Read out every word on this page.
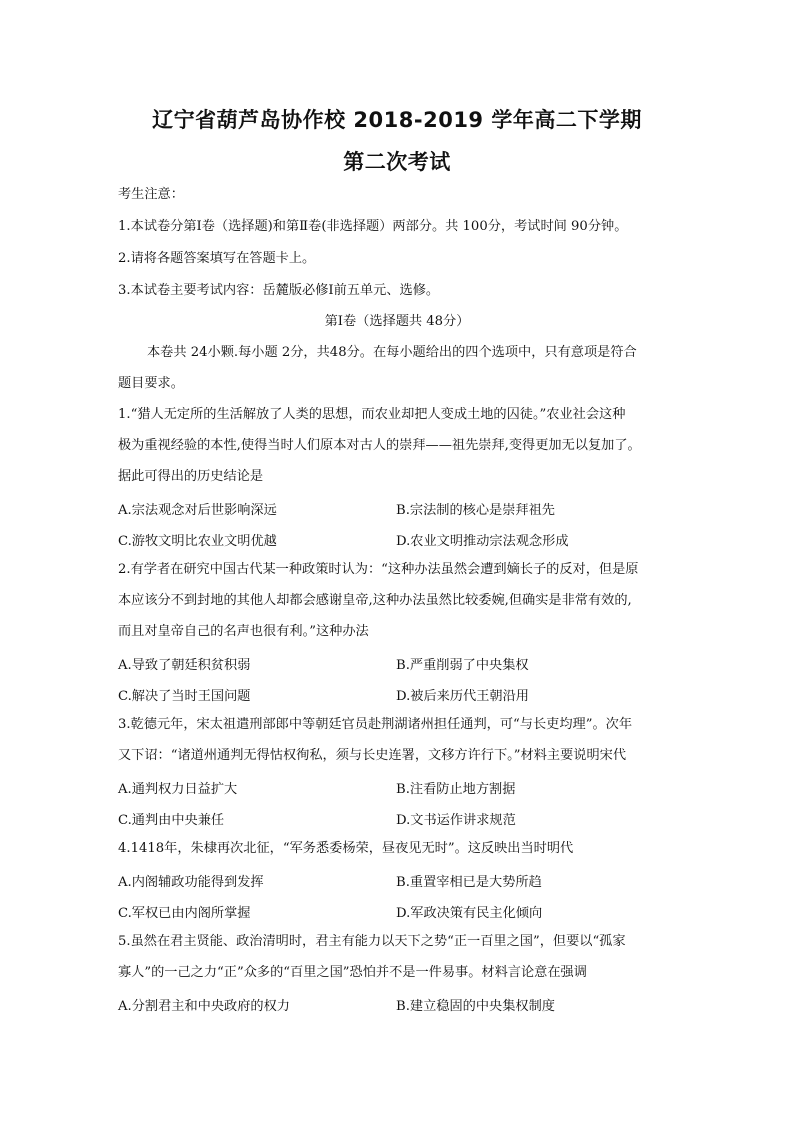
辽宁省葫芦岛协作校 2018-2019 学年高二下学期
第二次考试
考生注意：
1.本试卷分第Ⅰ卷（选择题)和第Ⅱ卷(非选择题）两部分。共 100分，考试时间 90分钟。
2.请将各题答案填写在答题卡上。
3.本试卷主要考试内容：岳麓版必修Ⅰ前五单元、选修。
第Ⅰ卷（选择题共 48分）
本卷共 24小颗.每小题 2分，共48分。在每小题给出的四个选项中，只有意项是符合
题目要求。
1.“猎人无定所的生活解放了人类的思想，而农业却把人变成土地的囚徒。”农业社会这种
极为重视经验的本性,使得当时人们原本对古人的崇拜——祖先崇拜,变得更加无以复加了。
据此可得出的历史结论是
A.宗法观念对后世影响深远	B.宗法制的核心是崇拜祖先
C.游牧文明比农业文明优越	D.农业文明推动宗法观念形成
2.有学者在研究中国古代某一种政策时认为：“这种办法虽然会遭到嫡长子的反对，但是原
本应该分不到封地的其他人却都会感谢皇帝,这种办法虽然比较委婉,但确实是非常有效的,
而且对皇帝自己的名声也很有利。”这种办法
A.导致了朝廷积贫积弱	B.严重削弱了中央集权
C.解决了当时王国问题	D.被后来历代王朝沿用
3.乾德元年，宋太祖遣刑部郎中等朝廷官员赴荆湖诸州担任通判，可“与长吏均理”。次年
又下诏：“诸道州通判无得怙权徇私，须与长史连署，文移方许行下。”材料主要说明宋代
A.通判权力日益扩大	B.注看防止地方割据
C.通判由中央兼任	D.文书运作讲求规范
4.1418年，朱棣再次北征，“军务悉委杨荣，昼夜见无时”。这反映出当时明代
A.内阁辅政功能得到发挥	B.重置宰相已是大势所趋
C.军权已由内阁所掌握	D.军政决策有民主化倾向
5.虽然在君主贤能、政治清明时，君主有能力以天下之势“正一百里之国”，但要以“孤家
寡人”的一己之力“正”众多的“百里之国”恐怕并不是一件易事。材料言论意在强调
A.分割君主和中央政府的权力	B.建立稳固的中央集权制度
